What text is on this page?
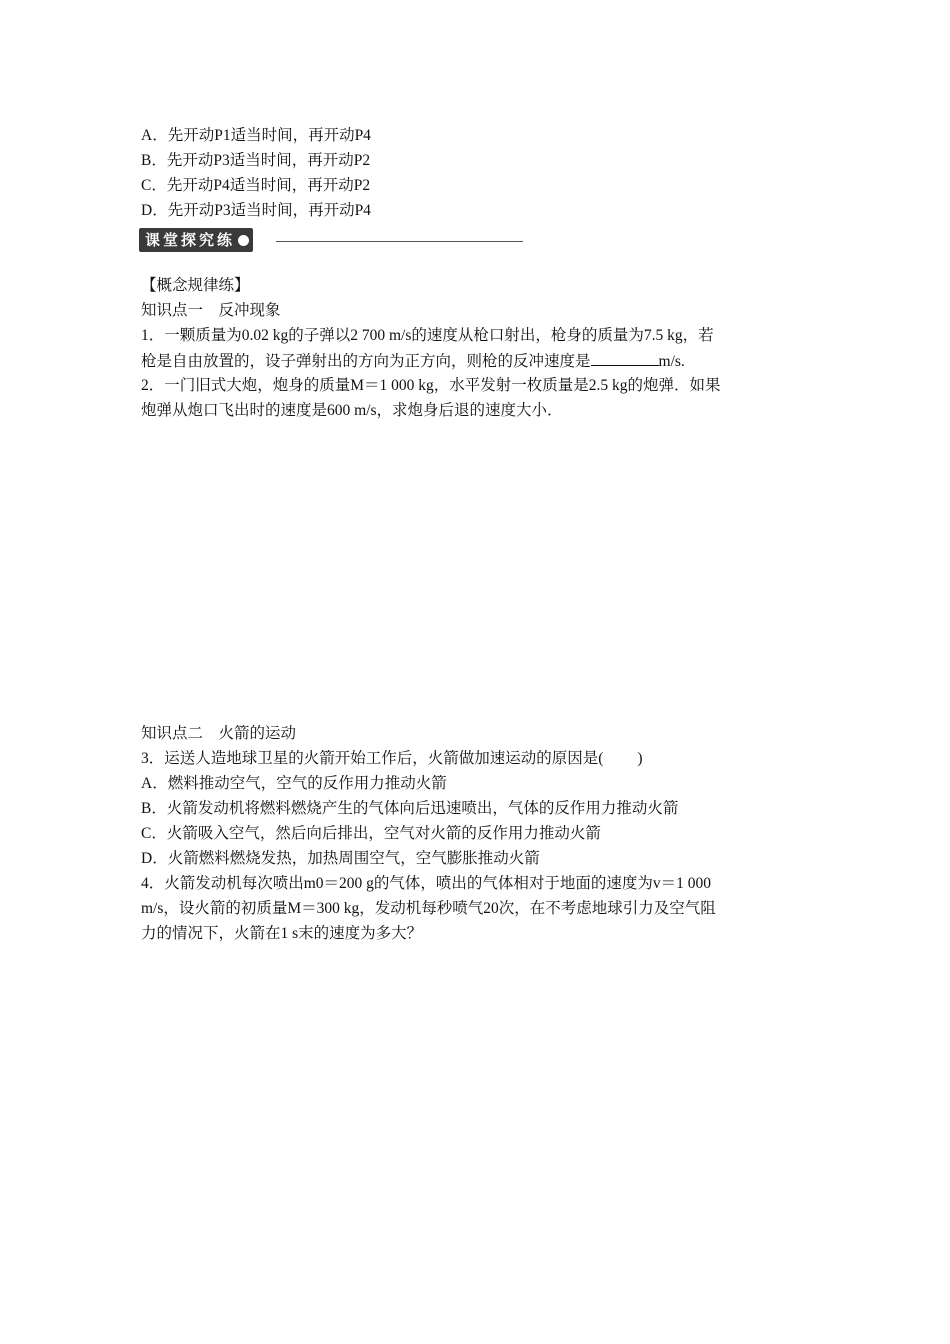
A．先开动P1适当时间，再开动P4
B．先开动P3适当时间，再开动P2
C．先开动P4适当时间，再开动P2
D．先开动P3适当时间，再开动P4
课堂探究练
【概念规律练】
知识点一　反冲现象
1．一颗质量为0.02 kg的子弹以2 700 m/s的速度从枪口射出，枪身的质量为7.5 kg，若
枪是自由放置的，设子弹射出的方向为正方向，则枪的反冲速度是	m/s.
2．一门旧式大炮，炮身的质量M＝1 000 kg，水平发射一枚质量是2.5 kg的炮弹．如果
炮弹从炮口飞出时的速度是600 m/s，求炮身后退的速度大小．
知识点二　火箭的运动
3．运送人造地球卫星的火箭开始工作后，火箭做加速运动的原因是( )
A．燃料推动空气，空气的反作用力推动火箭
B．火箭发动机将燃料燃烧产生的气体向后迅速喷出，气体的反作用力推动火箭
C．火箭吸入空气，然后向后排出，空气对火箭的反作用力推动火箭
D．火箭燃料燃烧发热，加热周围空气，空气膨胀推动火箭
4．火箭发动机每次喷出m0＝200 g的气体，喷出的气体相对于地面的速度为v＝1 000
m/s，设火箭的初质量M＝300 kg，发动机每秒喷气20次，在不考虑地球引力及空气阻
力的情况下，火箭在1 s末的速度为多大？
